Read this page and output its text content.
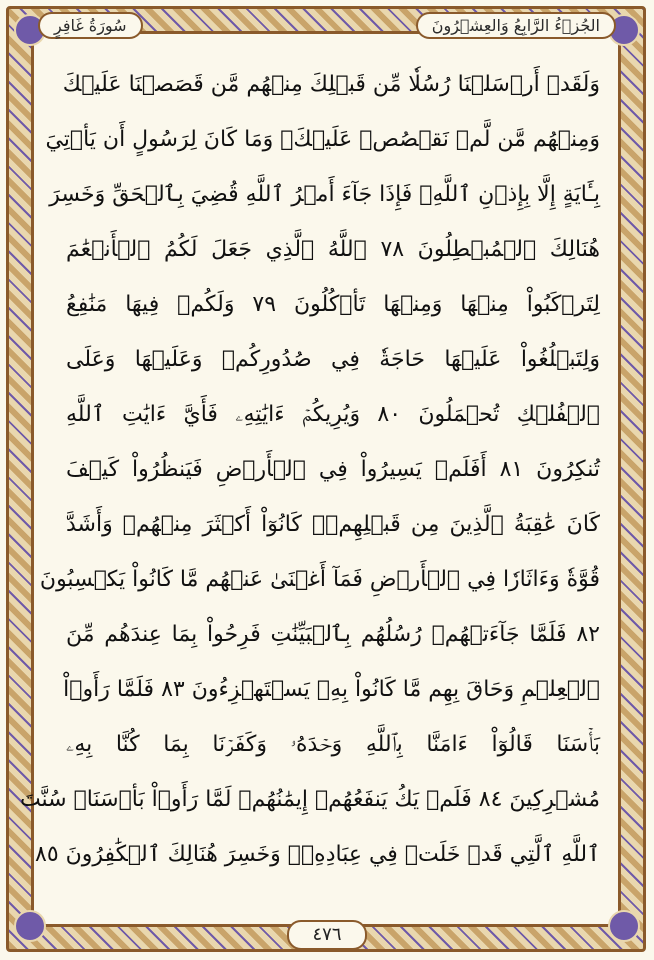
سُورَةُ غَافِرٍ	الجُزۡءُ الرَّابِعُ وَالعِشۡرُونَ
وَلَقَدۡ أَرۡسَلۡنَا رُسُلٗا مِّن قَبۡلِكَ مِنۡهُم مَّن قَصَصۡنَا عَلَيۡكَ
وَمِنۡهُم مَّن لَّمۡ نَقۡصُصۡ عَلَيۡكَۗ وَمَا كَانَ لِرَسُولٍ أَن يَأۡتِيَ
بِـَٔايَةٍ إِلَّا بِإِذۡنِ ٱللَّهِۚ فَإِذَا جَآءَ أَمۡرُ ٱللَّهِ قُضِيَ بِٱلۡحَقِّ وَخَسِرَ
هُنَالِكَ ٱلۡمُبۡطِلُونَ ٧٨ ٱللَّهُ ٱلَّذِي جَعَلَ لَكُمُ ٱلۡأَنۡعَٰمَ
لِتَرۡكَبُواْ مِنۡهَا وَمِنۡهَا تَأۡكُلُونَ ٧٩ وَلَكُمۡ فِيهَا مَنَٰفِعُ
وَلِتَبۡلُغُواْ عَلَيۡهَا حَاجَةٗ فِي صُدُورِكُمۡ وَعَلَيۡهَا وَعَلَى
ٱلۡفُلۡكِ تُحۡمَلُونَ ٨٠ وَيُرِيكُمۡ ءَايَٰتِهِۦ فَأَيَّ ءَايَٰتِ ٱللَّهِ
تُنكِرُونَ ٨١ أَفَلَمۡ يَسِيرُواْ فِي ٱلۡأَرۡضِ فَيَنظُرُواْ كَيۡفَ
كَانَ عَٰقِبَةُ ٱلَّذِينَ مِن قَبۡلِهِمۡۚ كَانُوٓاْ أَكۡثَرَ مِنۡهُمۡ وَأَشَدَّ
قُوَّةٗ وَءَاثَارٗا فِي ٱلۡأَرۡضِ فَمَآ أَغۡنَىٰ عَنۡهُم مَّا كَانُواْ يَكۡسِبُونَ
٨٢ فَلَمَّا جَآءَتۡهُمۡ رُسُلُهُم بِٱلۡبَيِّنَٰتِ فَرِحُواْ بِمَا عِندَهُم مِّنَ
ٱلۡعِلۡمِ وَحَاقَ بِهِم مَّا كَانُواْ بِهِۦ يَسۡتَهۡزِءُونَ ٨٣ فَلَمَّا رَأَوۡاْ
بَأۡسَنَا قَالُوٓاْ ءَامَنَّا بِٱللَّهِ وَحۡدَهُۥ وَكَفَرۡنَا بِمَا كُنَّا بِهِۦ
مُشۡرِكِينَ ٨٤ فَلَمۡ يَكُ يَنفَعُهُمۡ إِيمَٰنُهُمۡ لَمَّا رَأَوۡاْ بَأۡسَنَاۖ سُنَّتَ
ٱللَّهِ ٱلَّتِي قَدۡ خَلَتۡ فِي عِبَادِهِۦۖ وَخَسِرَ هُنَالِكَ ٱلۡكَٰفِرُونَ ٨٥
٤٧٦
